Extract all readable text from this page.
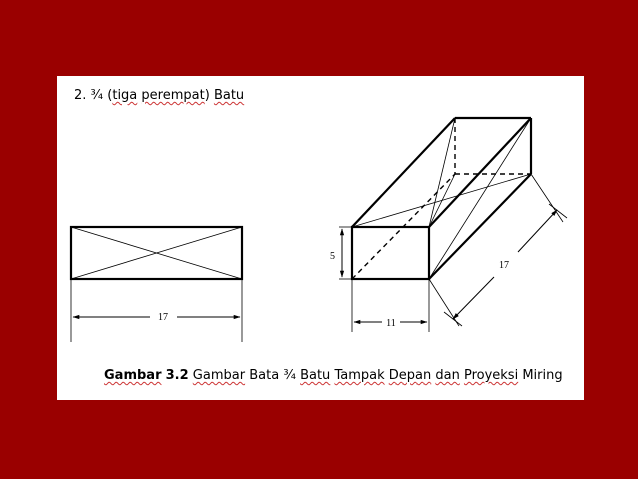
2. ¾ (tiga perempat) Batu
17
5
11
17
Gambar 3.2 Gambar Bata ¾ Batu Tampak Depan dan Proyeksi Miring
